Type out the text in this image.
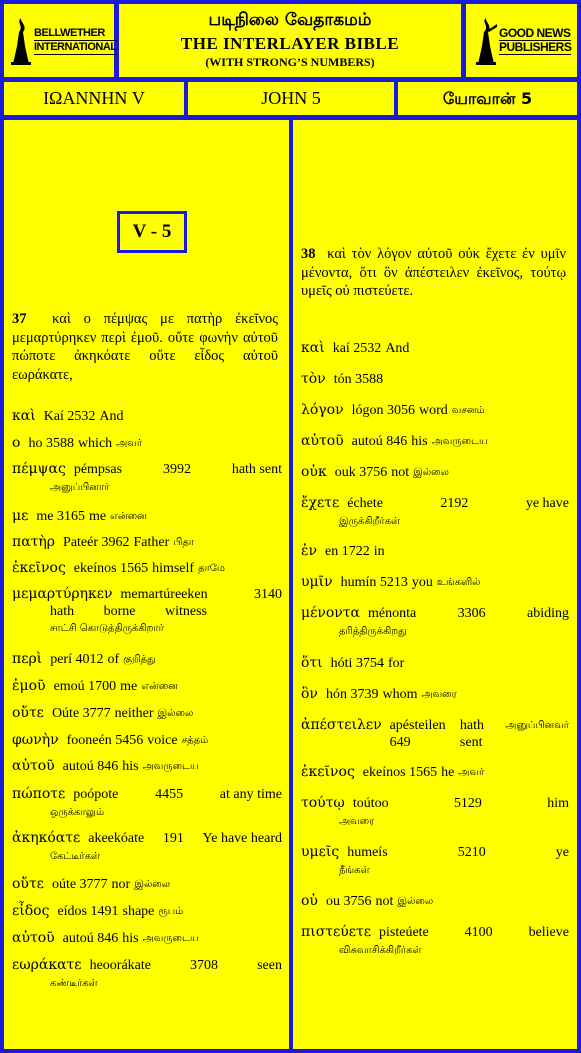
BELLWETHER
INTERNATIONAL
படிநிலை வேதாகமம்
THE INTERLAYER BIBLE
(WITH STRONG’S NUMBERS)
GOOD NEWS
PUBLISHERS
ΙΩΑΝΝΗΝ V	JOHN 5	யோவான் 5
V - 5
37 καὶ ο πέμψας με πατὴρ ἐκεῖνος μεμαρτύρηκεν περὶ ἐμοῦ. οὔτε φωνὴν αὐτοῦ πώποτε ἀκηκόατε οὔτε εἶδος αὐτοῦ εωράκατε,
καὶ Kaí 2532 And
ο ho 3588 which அவர்
πέμψας pémpsas	3992	hath sent
அனுப்பினார்
με me 3165 me என்னை
πατὴρ Pateér 3962 Father பிதா
ἐκεῖνος ekeínos 1565 himself தாமே
μεμαρτύρηκεν memartúreeken	3140
hath borne witness
சாட்சி கொடுத்திருக்கிறார்
περὶ perí 4012 of குறித்து
ἐμοῦ emoú 1700 me என்னை
οὔτε Oúte 3777 neither இல்லை
φωνὴν fooneén 5456 voice சத்தம்
αὐτοῦ autoú 846 his அவருடைய
πώποτε poópote	4455	at any time
ஒருக்காலும்
ἀκηκόατε akeekóate 191 Ye have heard
கேட்டீர்கள்
οὔτε oúte 3777 nor இல்லை
εἶδος eídos 1491 shape ரூபம்
αὐτοῦ autoú 846 his அவருடைய
εωράκατε heoorákate	3708	seen
கண்டீர்கள்
38 καὶ τὸν λόγον αὐτοῦ οὐκ ἔχετε ἐν υμῖν μένοντα, ὅτι ὃν ἀπέστειλεν ἐκεῖνος, τούτῳ υμεῖς οὐ πιστεύετε.
καὶ kaí 2532 And
τὸν tón 3588
λόγον lógon 3056 word வசனம்
αὐτοῦ autoú 846 his அவருடைய
οὐκ ouk 3756 not இல்லை
ἔχετε échete	2192	ye have
இருக்கிறீர்கள்
ἐν en 1722 in
υμῖν humín 5213 you உங்களில்
μένοντα ménonta	3306	abiding
தரித்திருக்கிறது
ὅτι hóti 3754 for
ὃν hón 3739 whom அவரை
ἀπέστειλεν apésteilen 649
hath sent
அனுப்பினவர்
ἐκεῖνος ekeínos 1565 he அவர்
τούτῳ toútoo	5129	him
அவரை
υμεῖς humeís	5210	ye
நீங்கள்
οὐ ou 3756 not இல்லை
πιστεύετε pisteúete	4100	believe
விசுவாசிக்கிறீர்கள்
